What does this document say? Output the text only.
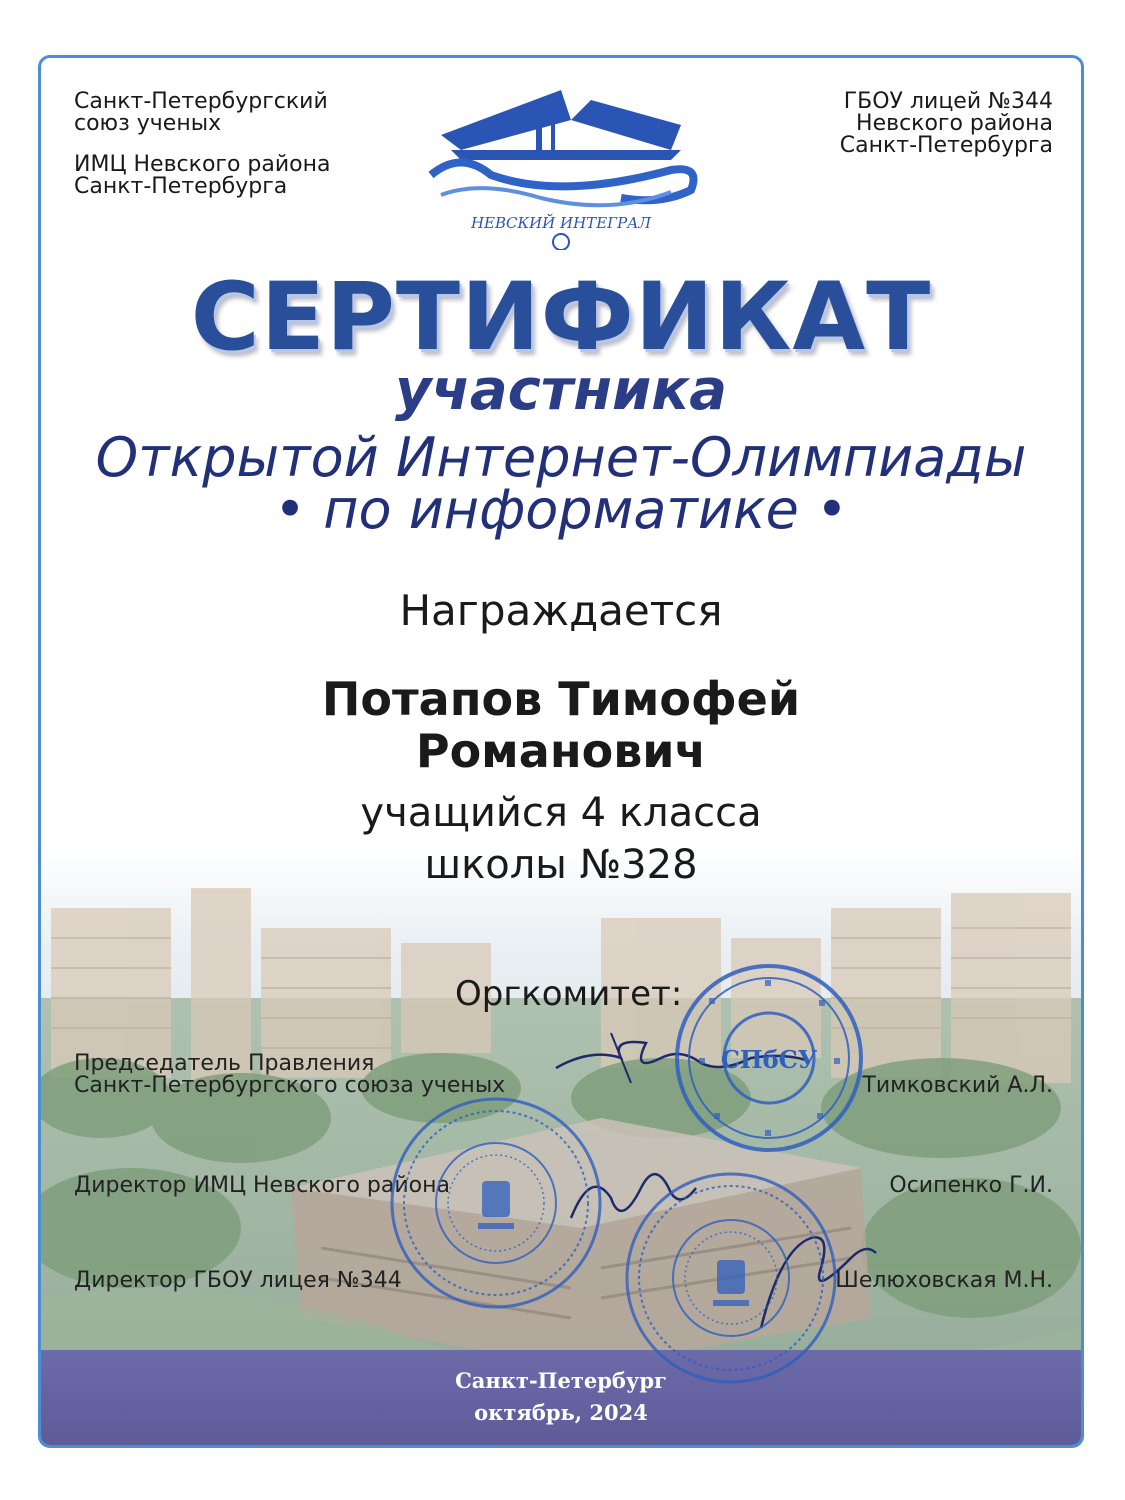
Санкт-Петербургский
союз ученых
ИМЦ Невского района
Санкт-Петербурга
ГБОУ лицей №344
Невского района
Санкт-Петербурга
НЕВСКИЙ ИНТЕГРАЛ
СЕРТИФИКАТ
участника
Открытой Интернет-Олимпиады
• по информатике •
Награждается
Потапов Тимофей
Романович
учащийся 4 класса
школы №328
Оргкомитет:
Председатель Правления
Санкт-Петербургского союза ученых	Тимковский А.Л.
Директор ИМЦ Невского района	Осипенко Г.И.
Директор ГБОУ лицея №344	Шелюховская М.Н.
СПбСУ
Санкт-Петербург
октябрь, 2024
